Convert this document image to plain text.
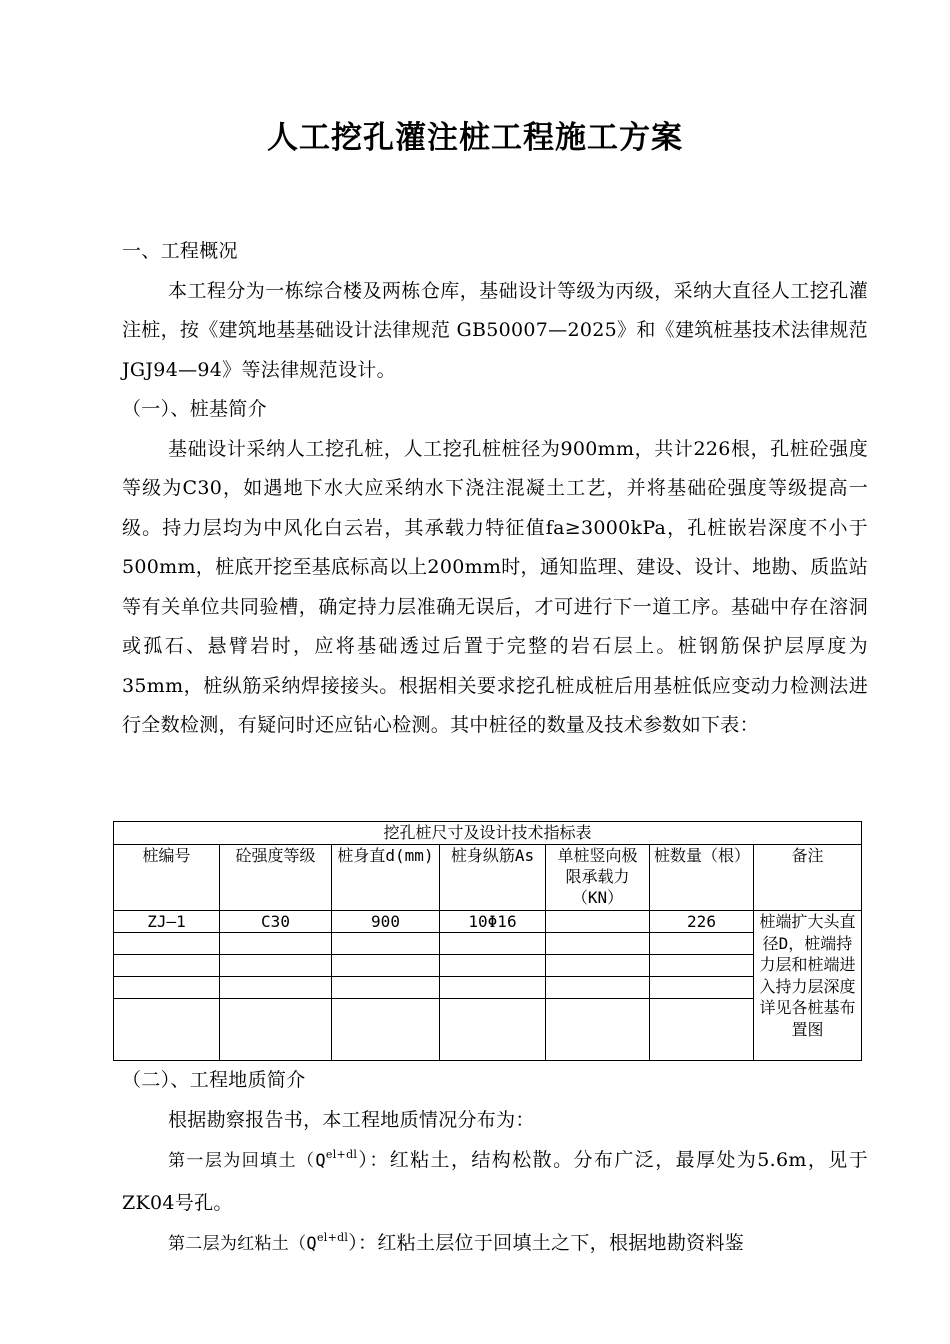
人工挖孔灌注桩工程施工方案

一、工程概况

本工程分为一栋综合楼及两栋仓库，基础设计等级为丙级，采纳大直径人工挖孔灌注桩，按《建筑地基基础设计法律规范 GB50007—2025》和《建筑桩基技术法律规范 JGJ94—94》等法律规范设计。

（一）、桩基简介

基础设计采纳人工挖孔桩，人工挖孔桩桩径为900mm，共计226根，孔桩砼强度等级为C30，如遇地下水大应采纳水下浇注混凝土工艺，并将基础砼强度等级提高一级。持力层均为中风化白云岩，其承载力特征值fa≥3000kPa，孔桩嵌岩深度不小于500mm，桩底开挖至基底标高以上200mm时，通知监理、建设、设计、地勘、质监站等有关单位共同验槽，确定持力层准确无误后，才可进行下一道工序。基础中存在溶洞或孤石、悬臂岩时，应将基础透过后置于完整的岩石层上。桩钢筋保护层厚度为35mm，桩纵筋采纳焊接接头。根据相关要求挖孔桩成桩后用基桩低应变动力检测法进行全数检测，有疑问时还应钻心检测。其中桩径的数量及技术参数如下表：

挖孔桩尺寸及设计技术指标表						
桩编号	砼强度等级	桩身直d(mm)	桩身纵筋As	单桩竖向极限承载力（KN）	桩数量（根）	备注
ZJ—1	C30	900	10Φ16		226	桩端扩大头直径D，桩端持力层和桩端进入持力层深度详见各桩基布置图

（二）、工程地质简介

根据勘察报告书，本工程地质情况分布为：

第一层为回填土$(Q^{el+dl})$：红粘土，结构松散。分布广泛，最厚处为5.6m，见于ZK04号孔。

第二层为红粘土$(Q^{el+dl})$：红粘土层位于回填土之下，根据地勘资料鉴
